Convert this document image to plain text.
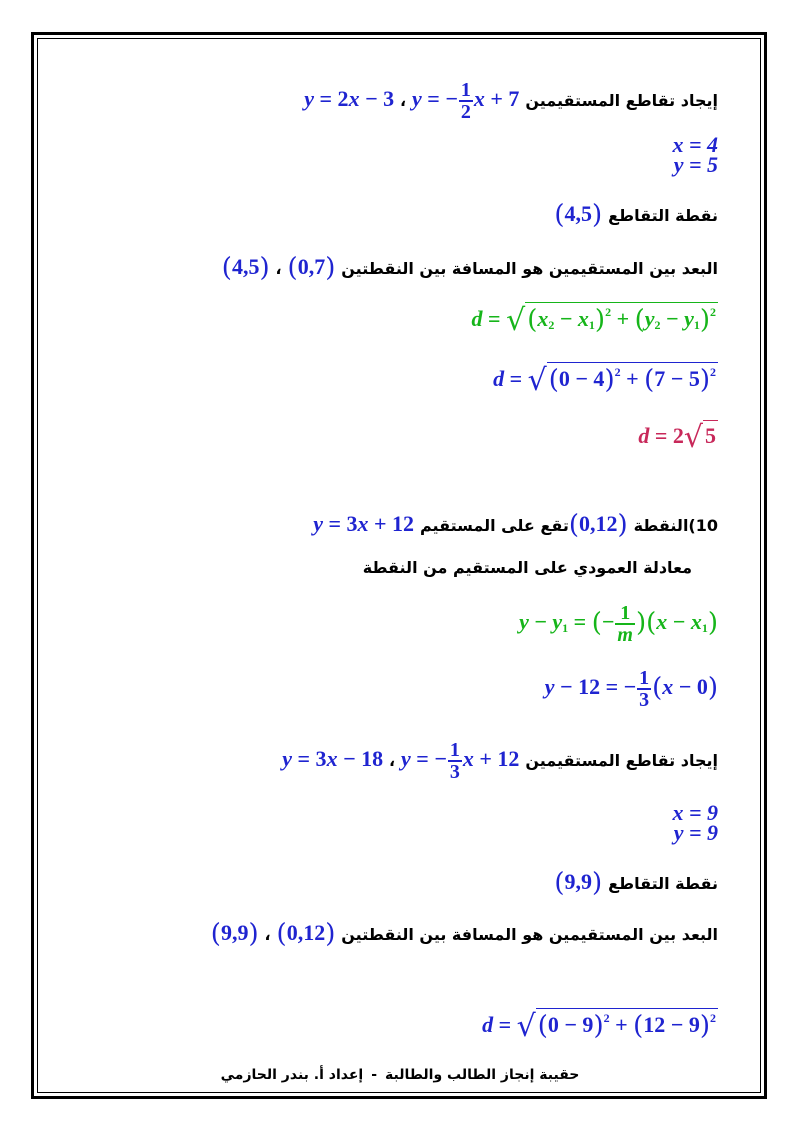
إيجاد تقاطع المستقيمين y = − $\frac{1}{2}$ x + 7 ، y = 2x − 3
x = 4
y = 5
نقطة التقاطع (4,5)
البعد بين المستقيمين هو المسافة بين النقطتين (0,7) ، (4,5)
$d = √(x_2 - x_1)^2 + (y_2 - y_1)^2$
$d = √(0 - 4)^2 + (7 - 5)^2$
d = 2√5
10)النقطة (0,12)تقع على المستقيم y = 3x + 12
معادلة العمودي على المستقيم من النقطة
$y - y_1$ = (− $\frac{1}{m} )(x - x_1)$
y − 12 = − $\frac{1}{3} (x - 0)$
إيجاد تقاطع المستقيمين y = − $\frac{1}{3}$ x + 12 ، y = 3x − 18
x = 9
y = 9
نقطة التقاطع (9,9)
البعد بين المستقيمين هو المسافة بين النقطتين (0,12) ، (9,9)
$d = √(0 - 9)^2 + (12 - 9)^2$
حقيبة إنجاز الطالب والطالبة-إعداد أ. بندر الحازمي
